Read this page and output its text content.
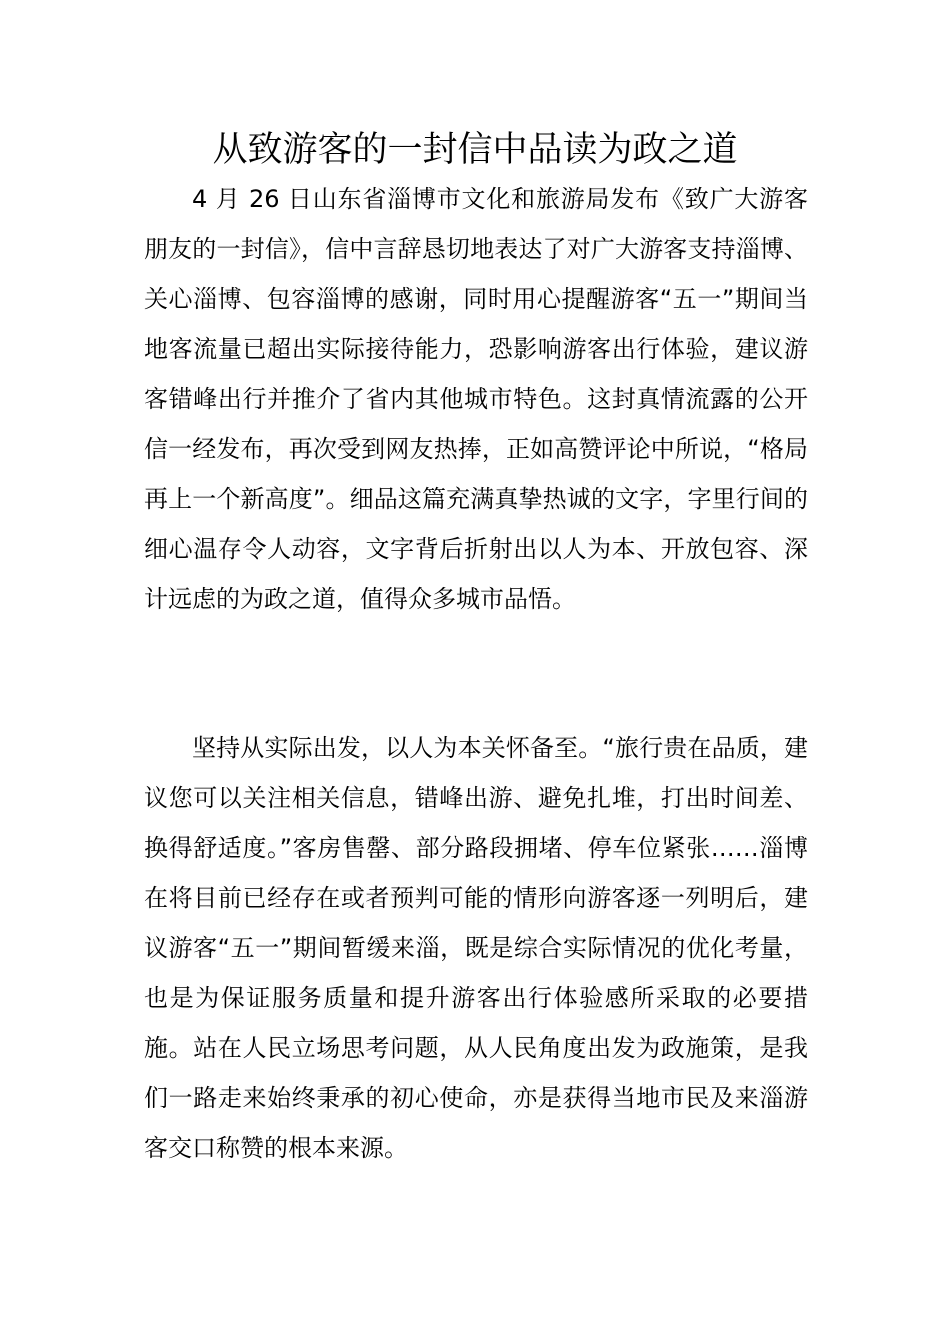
从致游客的一封信中品读为政之道

4 月 26 日山东省淄博市文化和旅游局发布《致广大游客朋友的一封信》，信中言辞恳切地表达了对广大游客支持淄博、关心淄博、包容淄博的感谢，同时用心提醒游客“五一”期间当地客流量已超出实际接待能力，恐影响游客出行体验，建议游客错峰出行并推介了省内其他城市特色。这封真情流露的公开信一经发布，再次受到网友热捧，正如高赞评论中所说，“格局再上一个新高度”。细品这篇充满真挚热诚的文字，字里行间的细心温存令人动容，文字背后折射出以人为本、开放包容、深计远虑的为政之道，值得众多城市品悟。

坚持从实际出发，以人为本关怀备至。“旅行贵在品质，建议您可以关注相关信息，错峰出游、避免扎堆，打出时间差、换得舒适度。”客房售罄、部分路段拥堵、停车位紧张……淄博在将目前已经存在或者预判可能的情形向游客逐一列明后，建议游客“五一”期间暂缓来淄，既是综合实际情况的优化考量，也是为保证服务质量和提升游客出行体验感所采取的必要措施。站在人民立场思考问题，从人民角度出发为政施策，是我们一路走来始终秉承的初心使命，亦是获得当地市民及来淄游客交口称赞的根本来源。
